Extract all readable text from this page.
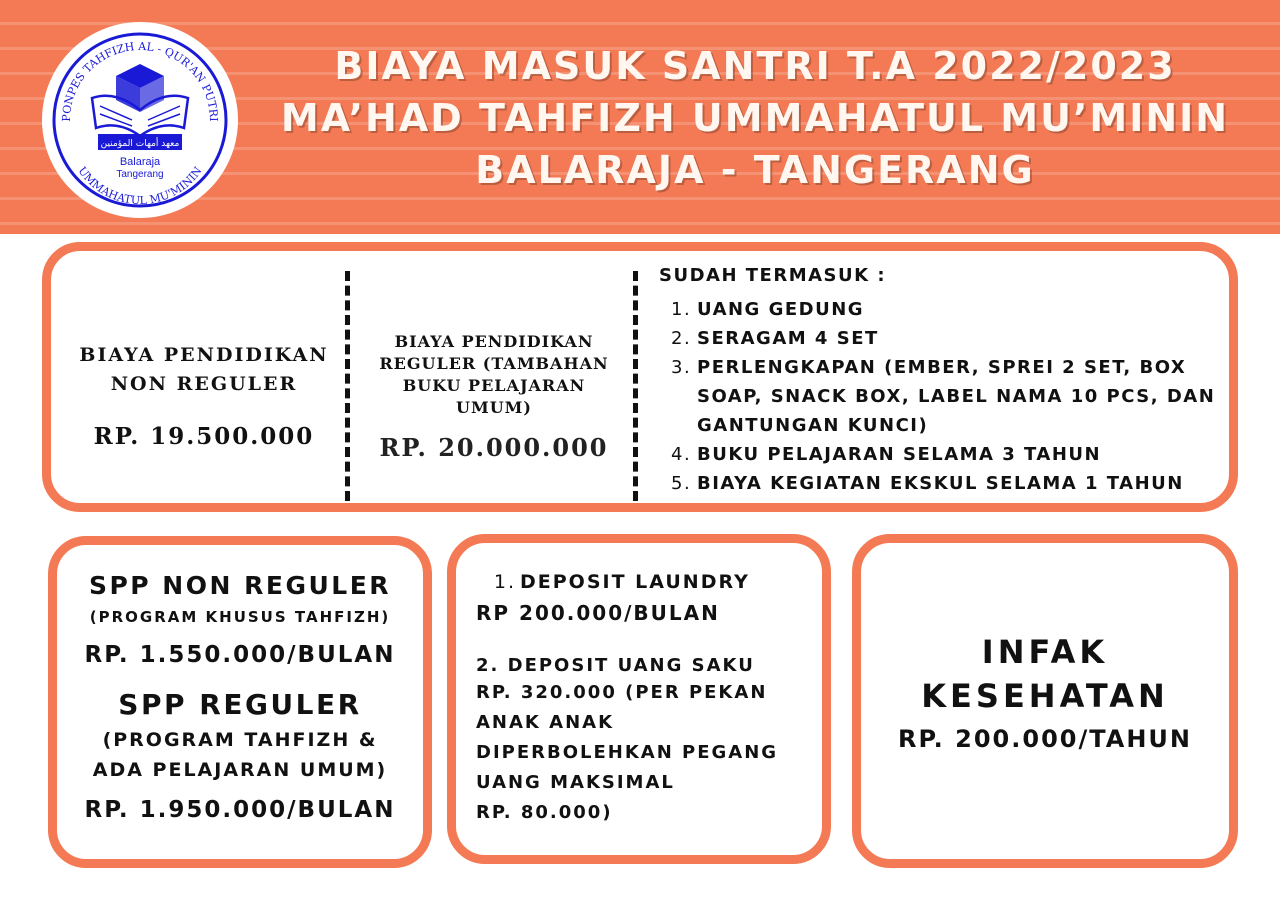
PONPES TAHFIZH AL - QUR'AN PUTRI
UMMAHATUL MU'MININ
معهد أمهات المؤمنين
Balaraja
Tangerang
BIAYA MASUK SANTRI T.A 2022/2023
MA’HAD TAHFIZH UMMAHATUL MU’MININ
BALARAJA - TANGERANG
BIAYA PENDIDIKAN NON REGULER
RP. 19.500.000
BIAYA PENDIDIKAN REGULER (TAMBAHAN BUKU PELAJARAN UMUM)
RP. 20.000.000
SUDAH TERMASUK :
1. UANG GEDUNG
2. SERAGAM 4 SET
3. PERLENGKAPAN (EMBER, SPREI 2 SET, BOX SOAP, SNACK BOX, LABEL NAMA 10 PCS, DAN GANTUNGAN KUNCI)
4. BUKU PELAJARAN SELAMA 3 TAHUN
5. BIAYA KEGIATAN EKSKUL SELAMA 1 TAHUN
SPP NON REGULER
(PROGRAM KHUSUS TAHFIZH)
RP. 1.550.000/BULAN
SPP REGULER
(PROGRAM TAHFIZH &
ADA PELAJARAN UMUM)
RP. 1.950.000/BULAN
1. DEPOSIT LAUNDRY
RP 200.000/BULAN
2. DEPOSIT UANG SAKU
RP. 320.000 (PER PEKAN
ANAK ANAK
DIPERBOLEHKAN PEGANG
UANG MAKSIMAL
RP. 80.000)
INFAK
KESEHATAN
RP. 200.000/TAHUN
